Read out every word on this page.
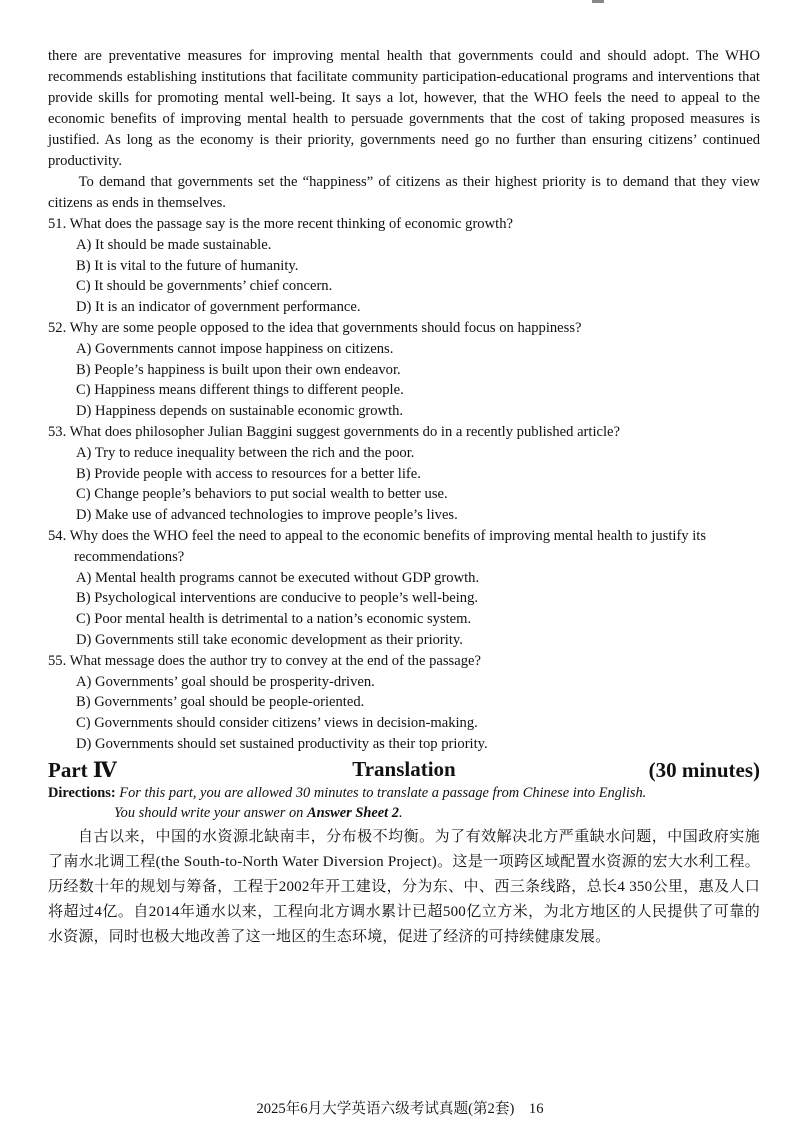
there are preventative measures for improving mental health that governments could and should adopt. The WHO recommends establishing institutions that facilitate community participation-educational programs and interventions that provide skills for promoting mental well-being. It says a lot, however, that the WHO feels the need to appeal to the economic benefits of improving mental health to persuade governments that the cost of taking proposed measures is justified. As long as the economy is their priority, governments need go no further than ensuring citizens’ continued productivity.

To demand that governments set the “happiness” of citizens as their highest priority is to demand that they view citizens as ends in themselves.

51. What does the passage say is the more recent thinking of economic growth?

A) It should be made sustainable.

B) It is vital to the future of humanity.

C) It should be governments’ chief concern.

D) It is an indicator of government performance.

52. Why are some people opposed to the idea that governments should focus on happiness?

A) Governments cannot impose happiness on citizens.

B) People’s happiness is built upon their own endeavor.

C) Happiness means different things to different people.

D) Happiness depends on sustainable economic growth.

53. What does philosopher Julian Baggini suggest governments do in a recently published article?

A) Try to reduce inequality between the rich and the poor.

B) Provide people with access to resources for a better life.

C) Change people’s behaviors to put social wealth to better use.

D) Make use of advanced technologies to improve people’s lives.

54. Why does the WHO feel the need to appeal to the economic benefits of improving mental health to justify its recommendations?

A) Mental health programs cannot be executed without GDP growth.

B) Psychological interventions are conducive to people’s well-being.

C) Poor mental health is detrimental to a nation’s economic system.

D) Governments still take economic development as their priority.

55. What message does the author try to convey at the end of the passage?

A) Governments’ goal should be prosperity-driven.

B) Governments’ goal should be people-oriented.

C) Governments should consider citizens’ views in decision-making.

D) Governments should set sustained productivity as their top priority.

Part Ⅳ	Translation	(30 minutes)

Directions: For this part, you are allowed 30 minutes to translate a passage from Chinese into English.

You should write your answer on Answer Sheet 2.

自古以来，中国的水资源北缺南丰，分布极不均衡。为了有效解决北方严重缺水问题，中国政府实施了南水北调工程(the South-to-North Water Diversion Project)。这是一项跨区域配置水资源的宏大水利工程。历经数十年的规划与筹备，工程于2002年开工建设，分为东、中、西三条线路，总长4 350公里，惠及人口将超过4亿。自2014年通水以来，工程向北方调水累计已超500亿立方米，为北方地区的人民提供了可靠的水资源，同时也极大地改善了这一地区的生态环境，促进了经济的可持续健康发展。

2025年6月大学英语六级考试真题(第2套)　16
